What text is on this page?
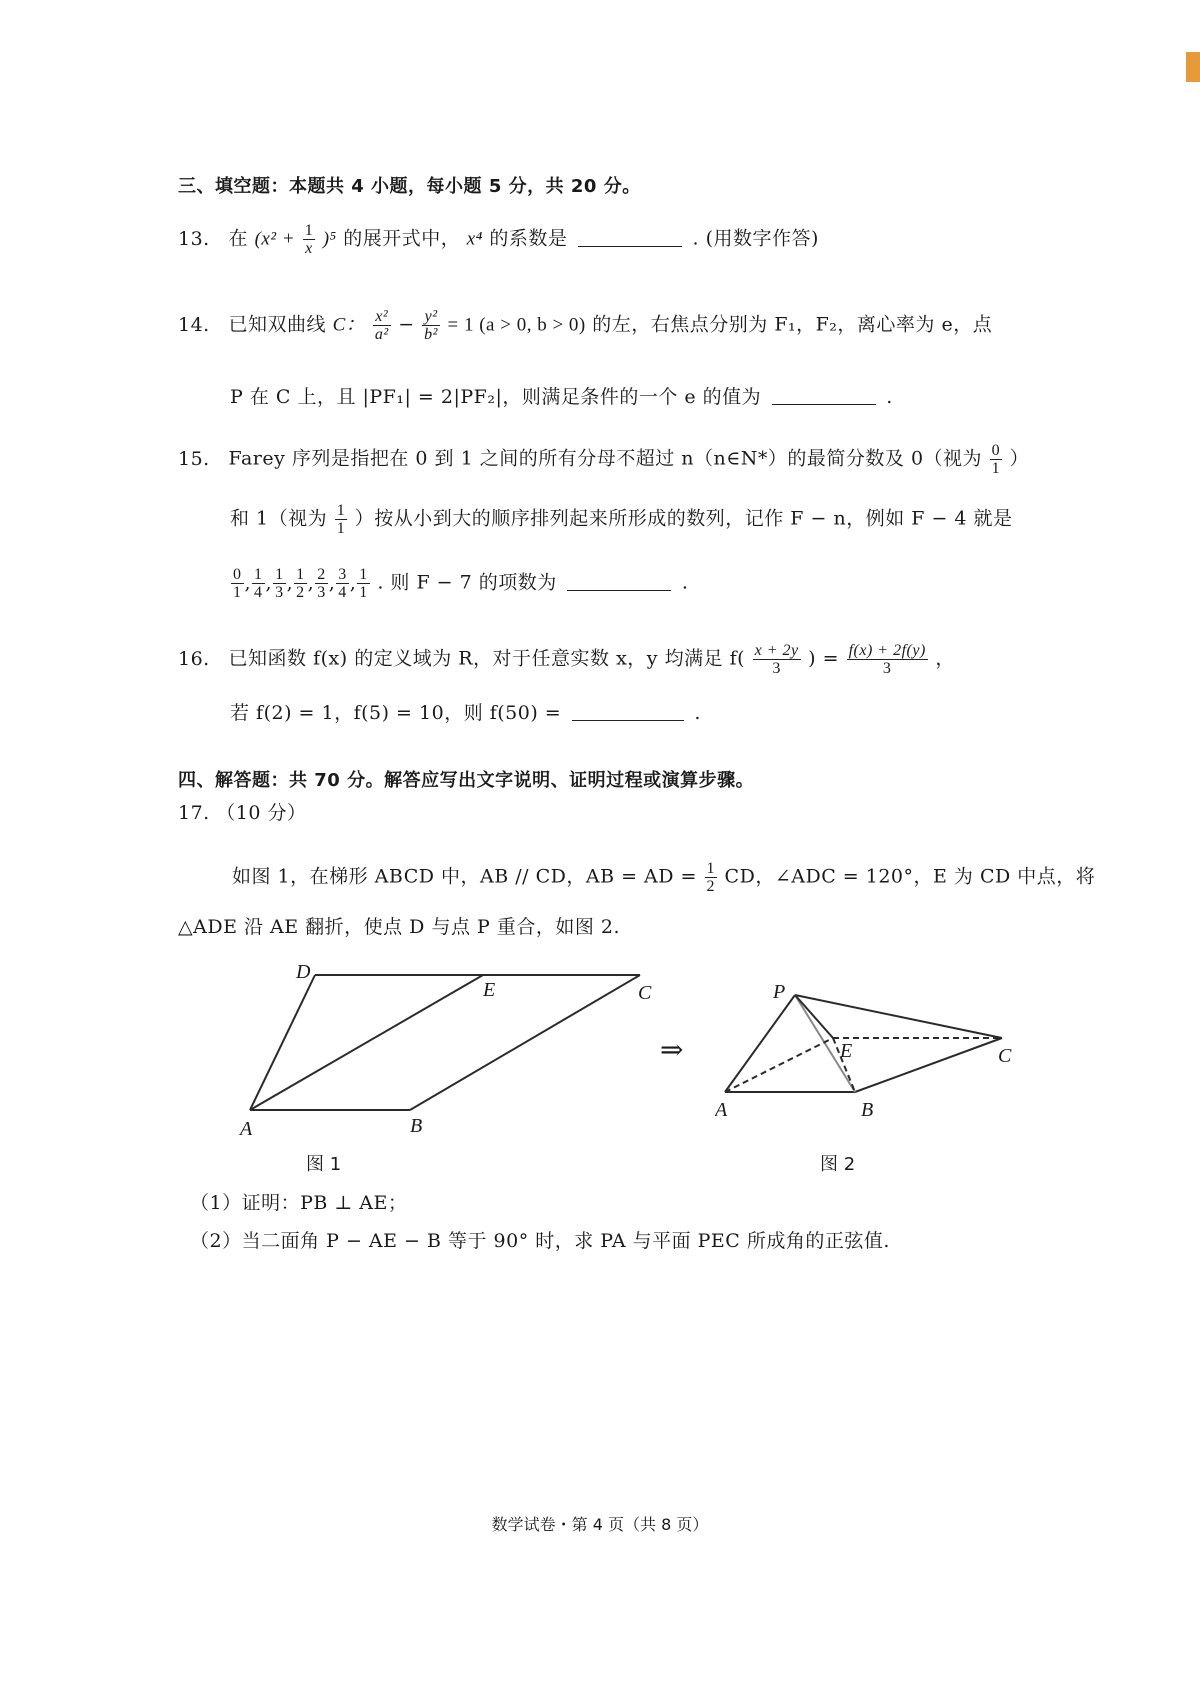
三、填空题：本题共 4 小题，每小题 5 分，共 20 分。
13. 在 $(x^2 + \frac{1}{x} )^5$ 的展开式中， x⁴ 的系数是	. (用数字作答)
14. 已知双曲线 C： $\frac{\text{x²}}{\text{a²}} - \frac{\text{y²}}{\text{b²}} = 1$ (a > 0, b > 0) 的左，右焦点分别为 F₁，F₂，离心率为 e，点
P 在 C 上，且 |PF₁| = 2|PF₂|，则满足条件的一个 e 的值为	.
15. Farey 序列是指把在 0 到 1 之间的所有分母不超过 n（n∈N*）的最简分数及 0（视为 $\frac{0}{1}$ ）
和 1（视为 $\frac{1}{1}$ ）按从小到大的顺序排列起来所形成的数列，记作 F − n，例如 F − 4 就是
$\frac{0}{1}$ , $\frac{1}{4}$ , $\frac{1}{3}$ , $\frac{1}{2}$ , $\frac{2}{3}$ , $\frac{3}{4}$ , $\frac{1}{1}$ . 则 F − 7 的项数为	.
16. 已知函数 f(x) 的定义域为 R，对于任意实数 x，y 均满足 $f( \frac{x + 2y}{3}$ ) = $\frac{f(x) + 2f(y)}{3}$ ，
若 f(2) = 1，f(5) = 10，则 f(50) =	.
四、解答题：共 70 分。解答应写出文字说明、证明过程或演算步骤。
17. （10 分）
如图 1，在梯形 ABCD 中，AB // CD，AB = AD = $\frac{1}{2}$ CD，∠ADC = 120°，E 为 CD 中点，将
△ADE 沿 AE 翻折，使点 D 与点 P 重合，如图 2.
D
E	C
A	B
图 1
⇒
P
E	C
A	B
图 2
（1）证明：PB ⊥ AE；
（2）当二面角 P − AE − B 等于 90° 时，求 PA 与平面 PEC 所成角的正弦值.
数学试卷・第 4 页（共 8 页）
